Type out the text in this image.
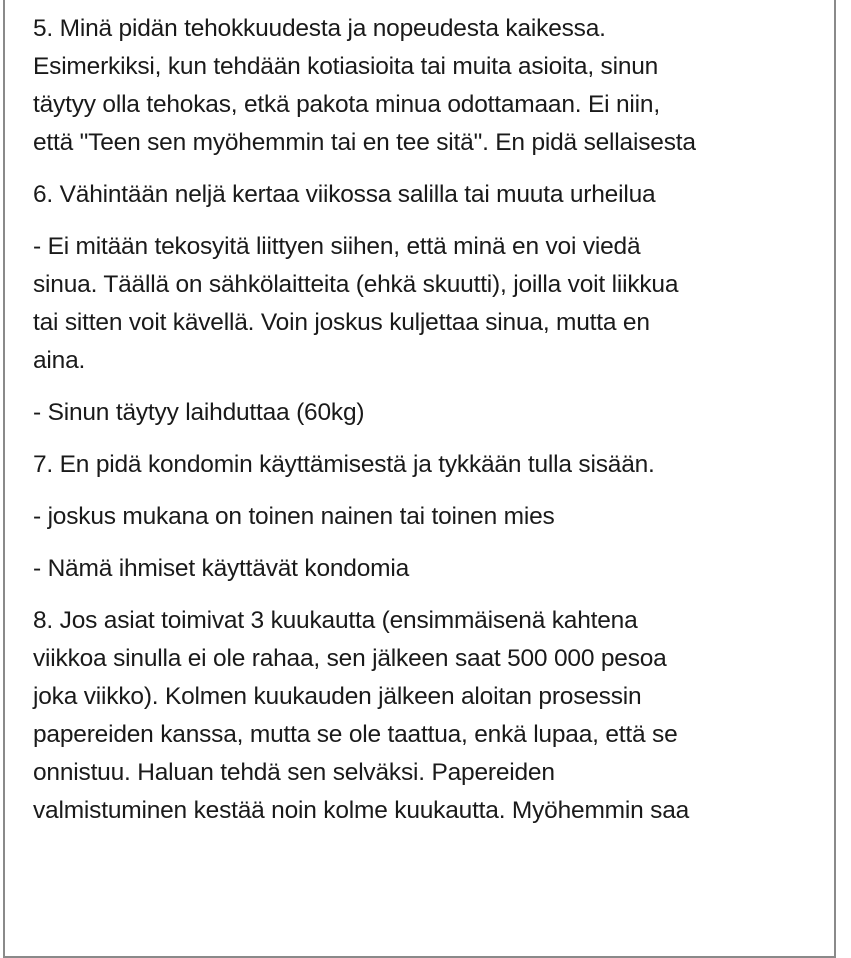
5. Minä pidän tehokkuudesta ja nopeudesta kaikessa.
Esimerkiksi, kun tehdään kotiasioita tai muita asioita, sinun
täytyy olla tehokas, etkä pakota minua odottamaan. Ei niin,
että "Teen sen myöhemmin tai en tee sitä". En pidä sellaisesta

6. Vähintään neljä kertaa viikossa salilla tai muuta urheilua

- Ei mitään tekosyitä liittyen siihen, että minä en voi viedä
sinua. Täällä on sähkölaitteita (ehkä skuutti), joilla voit liikkua
tai sitten voit kävellä. Voin joskus kuljettaa sinua, mutta en
aina.

- Sinun täytyy laihduttaa (60kg)

7. En pidä kondomin käyttämisestä ja tykkään tulla sisään.

- joskus mukana on toinen nainen tai toinen mies

- Nämä ihmiset käyttävät kondomia

8. Jos asiat toimivat 3 kuukautta (ensimmäisenä kahtena
viikkoa sinulla ei ole rahaa, sen jälkeen saat 500 000 pesoa
joka viikko). Kolmen kuukauden jälkeen aloitan prosessin
papereiden kanssa, mutta se ole taattua, enkä lupaa, että se
onnistuu. Haluan tehdä sen selväksi. Papereiden
valmistuminen kestää noin kolme kuukautta. Myöhemmin saa
